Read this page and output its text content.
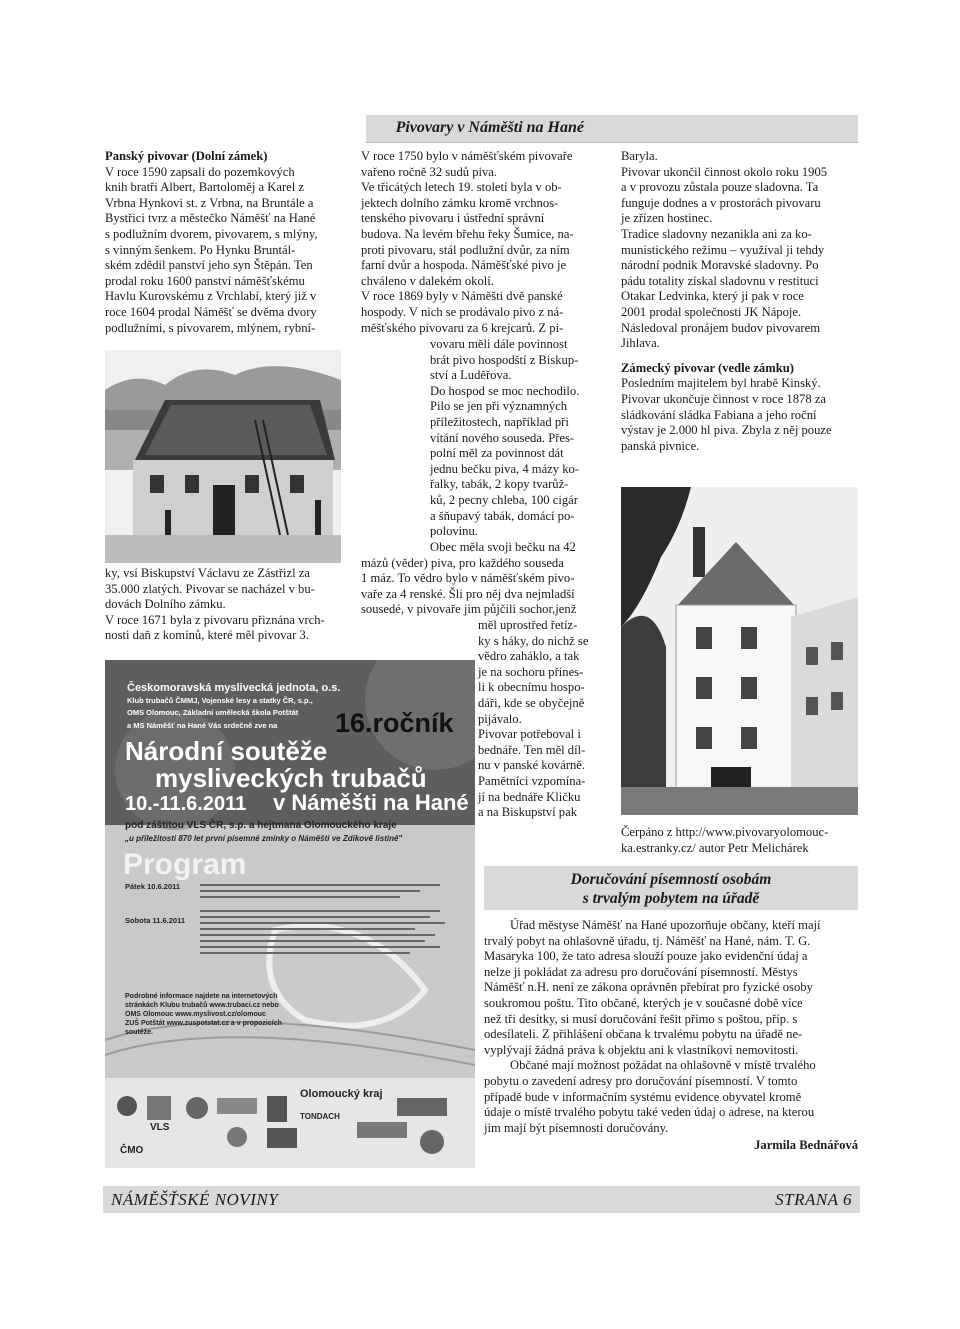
Pivovary v Náměšti na Hané

Panský pivovar (Dolní zámek)

V roce 1590 zapsali do pozemkových

knih bratři Albert, Bartoloměj a Karel z

Vrbna Hynkovi st. z Vrbna, na Bruntále a

Bystřici tvrz a městečko Náměšť na Hané

s podlužním dvorem, pivovarem, s mlýny,

s vinným šenkem. Po Hynku Bruntál-

ském zdědil panství jeho syn Štěpán. Ten

prodal roku 1600 panství náměšťskému

Havlu Kurovskému z Vrchlabí, který již v

roce 1604 prodal Náměšť se dvěma dvory

podlužními, s pivovarem, mlýnem, rybní-

ky, vsí Biskupství Václavu ze Zástřizl za

35.000 zlatých. Pivovar se nacházel v bu-

dovách Dolního zámku.

V roce 1671 byla z pivovaru přiznána vrch-

nosti daň z komínů, které měl pivovar 3.

V roce 1750 bylo v náměšťském pivovaře

vařeno ročně 32 sudů piva.

Ve třicátých letech 19. století byla v ob-

jektech dolního zámku kromě vrchnos-

tenského pivovaru i ústřední správní

budova. Na levém břehu řeky Šumice, na-

proti pivovaru, stál podlužní dvůr, za ním

farní dvůr a hospoda. Náměšťské pivo je

chváleno v dalekém okolí.

V roce 1869 byly v Náměšti dvě panské

hospody. V nich se prodávalo pivo z ná-

měšťského pivovaru za 6 krejcarů. Z pi-

vovaru měli dále povinnost

brát pivo hospodští z Biskup-

ství a Luděřova.

Do hospod se moc nechodilo.

Pilo se jen při významných

příležitostech, například při

vítání nového souseda. Přes-

polní měl za povinnost dát

jednu bečku piva, 4 mázy ko-

řalky, tabák, 2 kopy tvarůž-

ků, 2 pecny chleba, 100 cigár

a šňupavý tabák, domácí po-

polovinu.

Obec měla svoji bečku na 42

mázů (věder) piva, pro každého souseda

1 máz. To vědro bylo v náměšťském pivo-

vaře za 4 renské. Šli pro něj dva nejmladší

sousedé, v pivovaře jim půjčili sochor,jenž

měl uprostřed řetíz-

ky s háky, do nichž se

vědro zaháklo, a tak

je na sochoru přínes-

li k obecnímu hospo-

dáři, kde se obyčejně

pijávalo.

Pivovar potřeboval i

bednáře. Ten měl díl-

nu v panské kovárně.

Pamětníci vzpomína-

jí na bednáře Kličku

a na Biskupství pak

Baryla.

Pivovar ukončil činnost okolo roku 1905

a v provozu zůstala pouze sladovna. Ta

funguje dodnes a v prostorách pivovaru

je zřízen hostinec.

Tradice sladovny nezanikla ani za ko-

munistického režimu – využíval ji tehdy

národní podnik Moravské sladovny. Po

pádu totality získal sladovnu v restituci

Otakar Ledvinka, který ji pak v roce

2001 prodal společnosti JK Nápoje.

Následoval pronájem budov pivovarem

Jihlava.

Zámecký pivovar (vedle zámku)

Posledním majitelem byl hrabě Kinský.

Pivovar ukončuje činnost v roce 1878 za

sládkování sládka Fabiana a jeho roční

výstav je 2.000 hl piva. Zbyla z něj pouze

panská pivnice.

Čerpáno z http://www.pivovaryolomouc-

ka.estranky.cz/ autor Petr Melichárek

Českomoravská myslivecká jednota, o.s.
Klub trubačů ČMMJ, Vojenské lesy a statky ČR, s.p.,
OMS Olomouc, Základní umělecká škola Potštát
a MS Náměšť na Hané Vás srdečně zve na	16.ročník
Národní soutěže
mysliveckých trubačů
10.-11.6.2011 v Náměšti na Hané
pod záštitou VLS ČR, s.p. a hejtmana Olomouckého kraje
„u příležitosti 870 let první písemné zmínky o Náměšti ve Zdíkově listině"
Program
Pátek 10.6.2011
Sobota 11.6.2011
Podrobné informace najdete na internetových
stránkách Klubu trubačů www.trubaci.cz nebo
OMS Olomouc www.myslivost.cz/olomouc
ZUŠ Potštát www.zuspotstat.cz a v propozicích
soutěže.
Olomoucký kraj
VLS
ČMO
TONDACH
Doručování písemností osobám
s trvalým pobytem na úřadě

Úřad městyse Náměšť na Hané upozorňuje občany, kteří mají

trvalý pobyt na ohlašovně úřadu, tj. Náměšť na Hané, nám. T. G.

Masaryka 100, že tato adresa slouží pouze jako evidenční údaj a

nelze ji pokládat za adresu pro doručování písemností. Městys

Náměšť n.H. není ze zákona oprávněn přebírat pro fyzické osoby

soukromou poštu. Tito občané, kterých je v současné době více

než tři desítky, si musí doručování řešit přímo s poštou, příp. s

odesílateli. Z přihlášení občana k trvalému pobytu na úřadě ne-

vyplývají žádná práva k objektu ani k vlastníkovi nemovitosti.

Občané mají možnost požádat na ohlašovně v místě trvalého

pobytu o zavedení adresy pro doručování písemností. V tomto

případě bude v informačním systému evidence obyvatel kromě

údaje o místě trvalého pobytu také veden údaj o adrese, na kterou

jim mají být písemnosti doručovány.

Jarmila Bednářová

NÁMĚŠŤSKÉ NOVINY	STRANA 6
